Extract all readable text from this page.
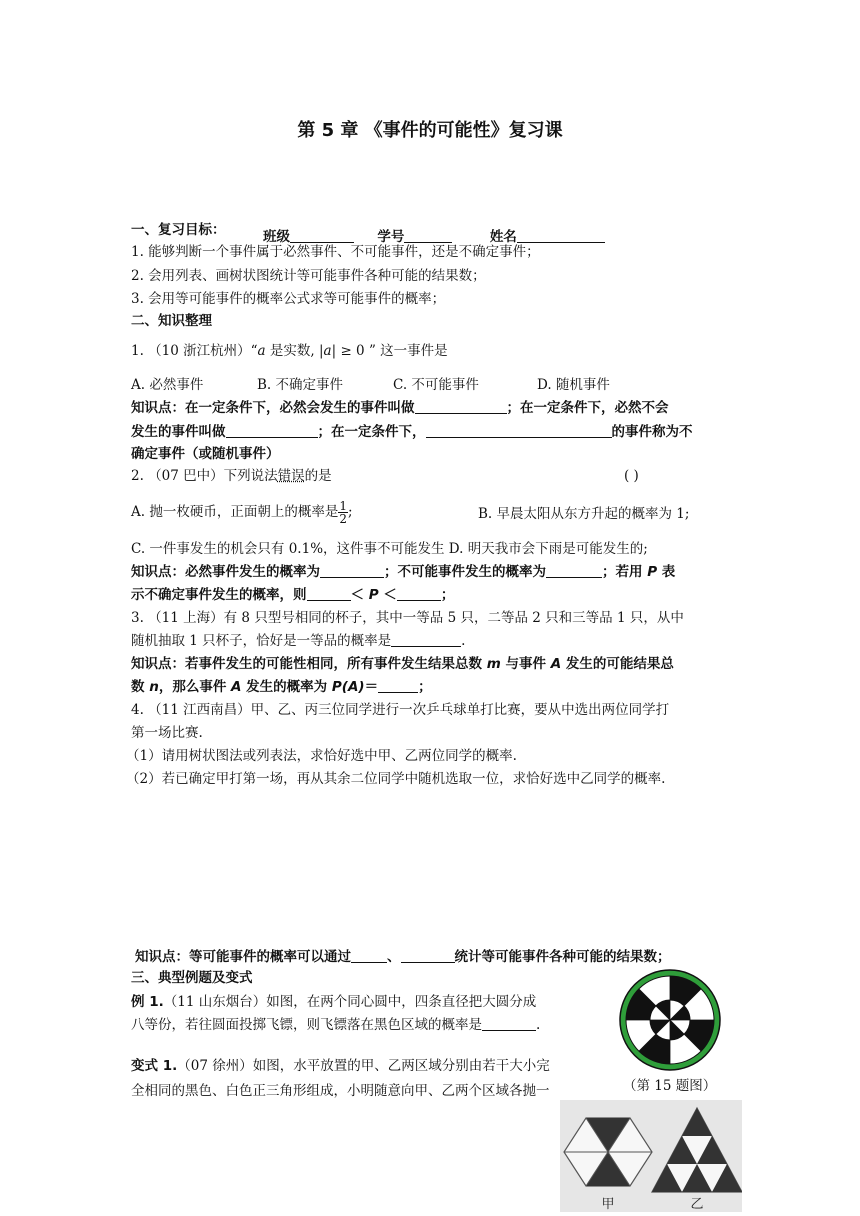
第 5 章 《事件的可能性》复习课
班级	学号	姓名
一、复习目标：
1. 能够判断一个事件属于必然事件、不可能事件，还是不确定事件；
2. 会用列表、画树状图统计等可能事件各种可能的结果数；
3. 会用等可能事件的概率公式求等可能事件的概率；
二、知识整理
1. （10 浙江杭州）“a 是实数, |a| ≥ 0 ” 这一事件是
A. 必然事件	B. 不确定事件	C. 不可能事件	D. 随机事件
知识点：在一定条件下，必然会发生的事件叫做	；在一定条件下，必然不会
发生的事件叫做	；在一定条件下，	的事件称为不
确定事件（或随机事件）
2. （07 巴中）下列说法错误的是	( )
A. 抛一枚硬币，正面朝上的概率是 $\frac{1}{2}$ ;	B. 早晨太阳从东方升起的概率为 1;
C. 一件事发生的机会只有 0.1%，这件事不可能发生 D. 明天我市会下雨是可能发生的;
知识点：必然事件发生的概率为	；不可能事件发生的概率为	；若用 P 表
示不确定事件发生的概率，则	＜ P ＜	；
3. （11 上海）有 8 只型号相同的杯子，其中一等品 5 只，二等品 2 只和三等品 1 只，从中
随机抽取 1 只杯子，恰好是一等品的概率是	.
知识点：若事件发生的可能性相同，所有事件发生结果总数 m 与事件 A 发生的可能结果总
数 n，那么事件 A 发生的概率为 P(A)＝	；
4. （11 江西南昌）甲、乙、丙三位同学进行一次乒乓球单打比赛，要从中选出两位同学打
第一场比赛.
（1）请用树状图法或列表法，求恰好选中甲、乙两位同学的概率.
（2）若已确定甲打第一场，再从其余二位同学中随机选取一位，求恰好选中乙同学的概率.
知识点：等可能事件的概率可以通过	、	统计等可能事件各种可能的结果数；
三、典型例题及变式
例 1.（11 山东烟台）如图，在两个同心圆中，四条直径把大圆分成
八等份，若往圆面投掷飞镖，则飞镖落在黑色区域的概率是	.
变式 1.（07 徐州）如图，水平放置的甲、乙两区域分别由若干大小完
全相同的黑色、白色正三角形组成，小明随意向甲、乙两个区域各抛一	（第 15 题图）
甲	乙
